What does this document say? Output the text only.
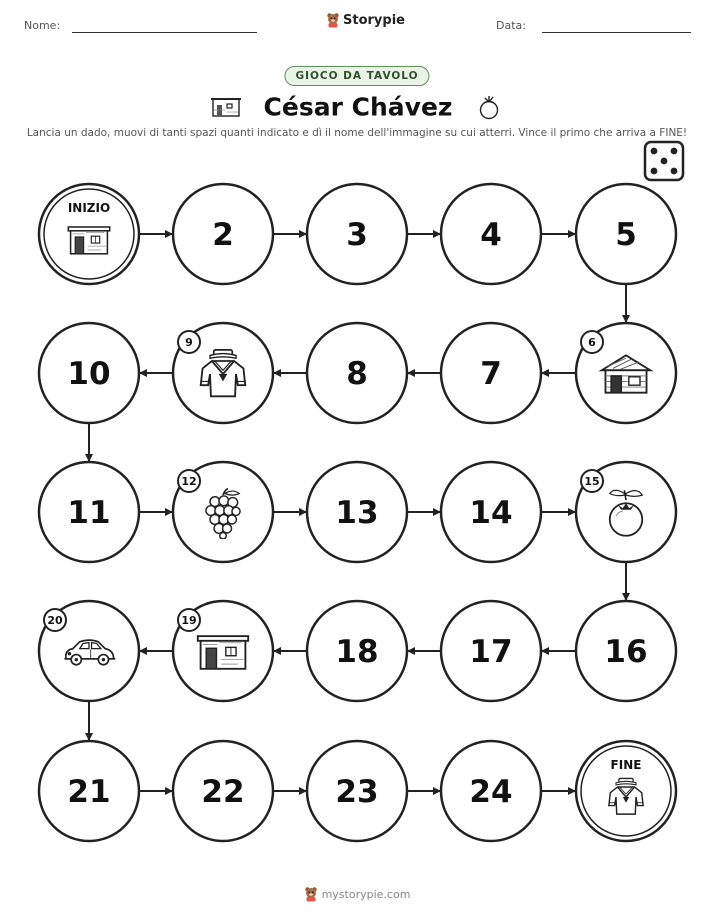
Nome:	Storypie	Data:
GIOCO DA TAVOLO
César Chávez
Lancia un dado, muovi di tanti spazi quanti indicato e dì il nome dell'immagine su cui atterri. Vince il primo che arriva a FINE!
INIZIO
2	3	4	5
6
7
8
9
10
11
12
13	14
15
16
17
18
19
20
21	22	23	24
FINE
mystorypie.com
